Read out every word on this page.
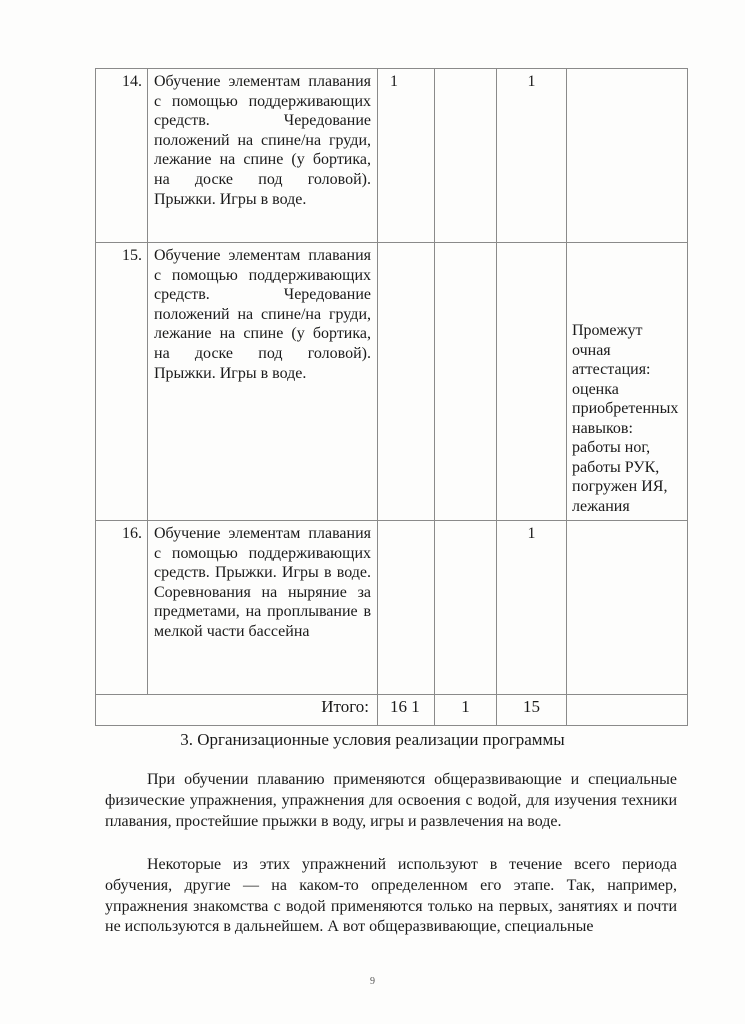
14.	Обучение элементам плавания с помощью поддерживающих средств. Чередование положений на спине/на груди, лежание на спине (у бортика, на доске под головой). Прыжки. Игры в воде.	1		1	
15.	Обучение элементам плавания с помощью поддерживающих средств. Чередование положений на спине/на груди, лежание на спине (у бортика, на доске под головой). Прыжки. Игры в воде.				Промежут очная аттестация: оценка приобретенных навыков: работы ног, работы РУК, погружен ИЯ, лежания

16.	Обучение элементам плавания с помощью поддерживающих средств. Прыжки. Игры в воде. Соревнования на ныряние за предметами, на проплывание в мелкой части бассейна			1	
Итого:		16 1	1	15	
3. Организационные условия реализации программы

При обучении плаванию применяются общеразвивающие и специальные физические упражнения, упражнения для освоения с водой, для изучения техники плавания, простейшие прыжки в воду, игры и развлечения на воде.

Некоторые из этих упражнений используют в течение всего периода обучения, другие — на каком-то определенном его этапе. Так, например, упражнения знакомства с водой применяются только на первых, занятиях и почти не используются в дальнейшем. А вот общеразвивающие, специальные

9
